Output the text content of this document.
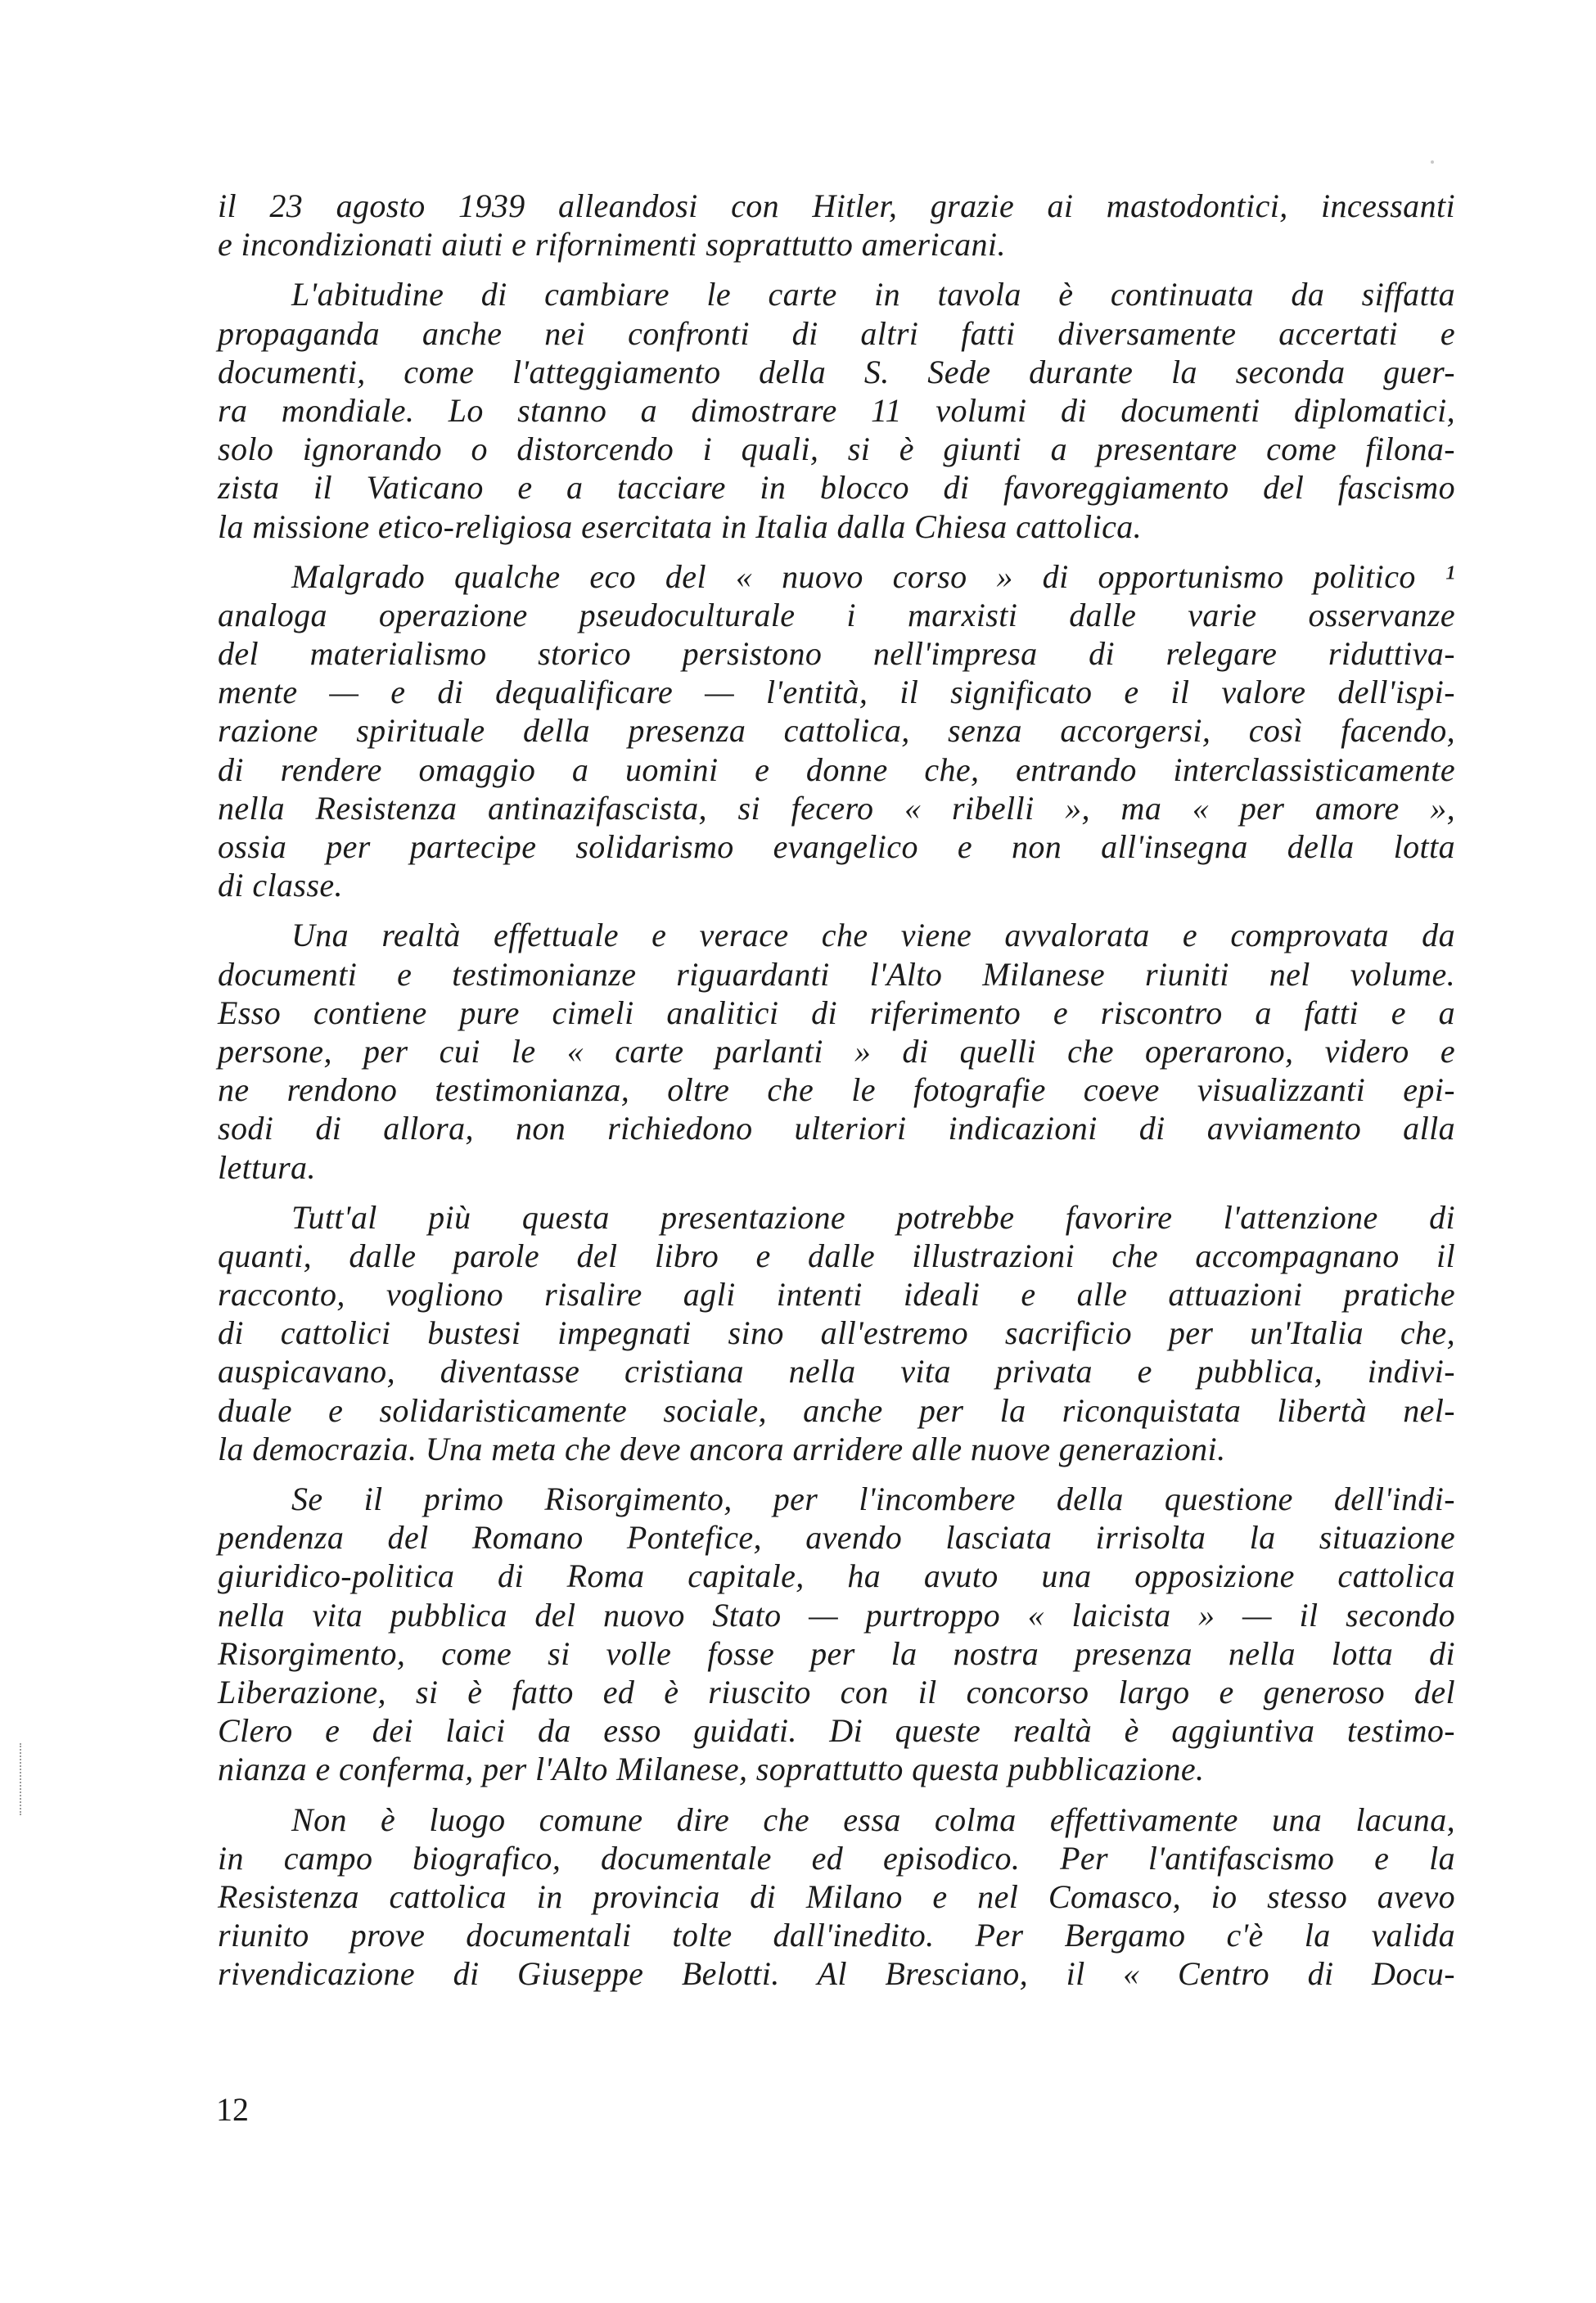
il 23 agosto 1939 alleandosi con Hitler, grazie ai mastodontici, incessanti
e incondizionati aiuti e rifornimenti soprattutto americani.
L'abitudine di cambiare le carte in tavola è continuata da siffatta
propaganda anche nei confronti di altri fatti diversamente accertati e
documenti, come l'atteggiamento della S. Sede durante la seconda guer-
ra mondiale. Lo stanno a dimostrare 11 volumi di documenti diplomatici,
solo ignorando o distorcendo i quali, si è giunti a presentare come filona-
zista il Vaticano e a tacciare in blocco di favoreggiamento del fascismo
la missione etico-religiosa esercitata in Italia dalla Chiesa cattolica.
Malgrado qualche eco del « nuovo corso » di opportunismo politico ¹
analoga operazione pseudoculturale i marxisti dalle varie osservanze
del materialismo storico persistono nell'impresa di relegare riduttiva-
mente — e di dequalificare — l'entità, il significato e il valore dell'ispi-
razione spirituale della presenza cattolica, senza accorgersi, così facendo,
di rendere omaggio a uomini e donne che, entrando interclassisticamente
nella Resistenza antinazifascista, si fecero « ribelli », ma « per amore »,
ossia per partecipe solidarismo evangelico e non all'insegna della lotta
di classe.
Una realtà effettuale e verace che viene avvalorata e comprovata da
documenti e testimonianze riguardanti l'Alto Milanese riuniti nel volume.
Esso contiene pure cimeli analitici di riferimento e riscontro a fatti e a
persone, per cui le « carte parlanti » di quelli che operarono, videro e
ne rendono testimonianza, oltre che le fotografie coeve visualizzanti epi-
sodi di allora, non richiedono ulteriori indicazioni di avviamento alla
lettura.
Tutt'al più questa presentazione potrebbe favorire l'attenzione di
quanti, dalle parole del libro e dalle illustrazioni che accompagnano il
racconto, vogliono risalire agli intenti ideali e alle attuazioni pratiche
di cattolici bustesi impegnati sino all'estremo sacrificio per un'Italia che,
auspicavano, diventasse cristiana nella vita privata e pubblica, indivi-
duale e solidaristicamente sociale, anche per la riconquistata libertà nel-
la democrazia. Una meta che deve ancora arridere alle nuove generazioni.
Se il primo Risorgimento, per l'incombere della questione dell'indi-
pendenza del Romano Pontefice, avendo lasciata irrisolta la situazione
giuridico-politica di Roma capitale, ha avuto una opposizione cattolica
nella vita pubblica del nuovo Stato — purtroppo « laicista » — il secondo
Risorgimento, come si volle fosse per la nostra presenza nella lotta di
Liberazione, si è fatto ed è riuscito con il concorso largo e generoso del
Clero e dei laici da esso guidati. Di queste realtà è aggiuntiva testimo-
nianza e conferma, per l'Alto Milanese, soprattutto questa pubblicazione.
Non è luogo comune dire che essa colma effettivamente una lacuna,
in campo biografico, documentale ed episodico. Per l'antifascismo e la
Resistenza cattolica in provincia di Milano e nel Comasco, io stesso avevo
riunito prove documentali tolte dall'inedito. Per Bergamo c'è la valida
rivendicazione di Giuseppe Belotti. Al Bresciano, il « Centro di Docu-
12
